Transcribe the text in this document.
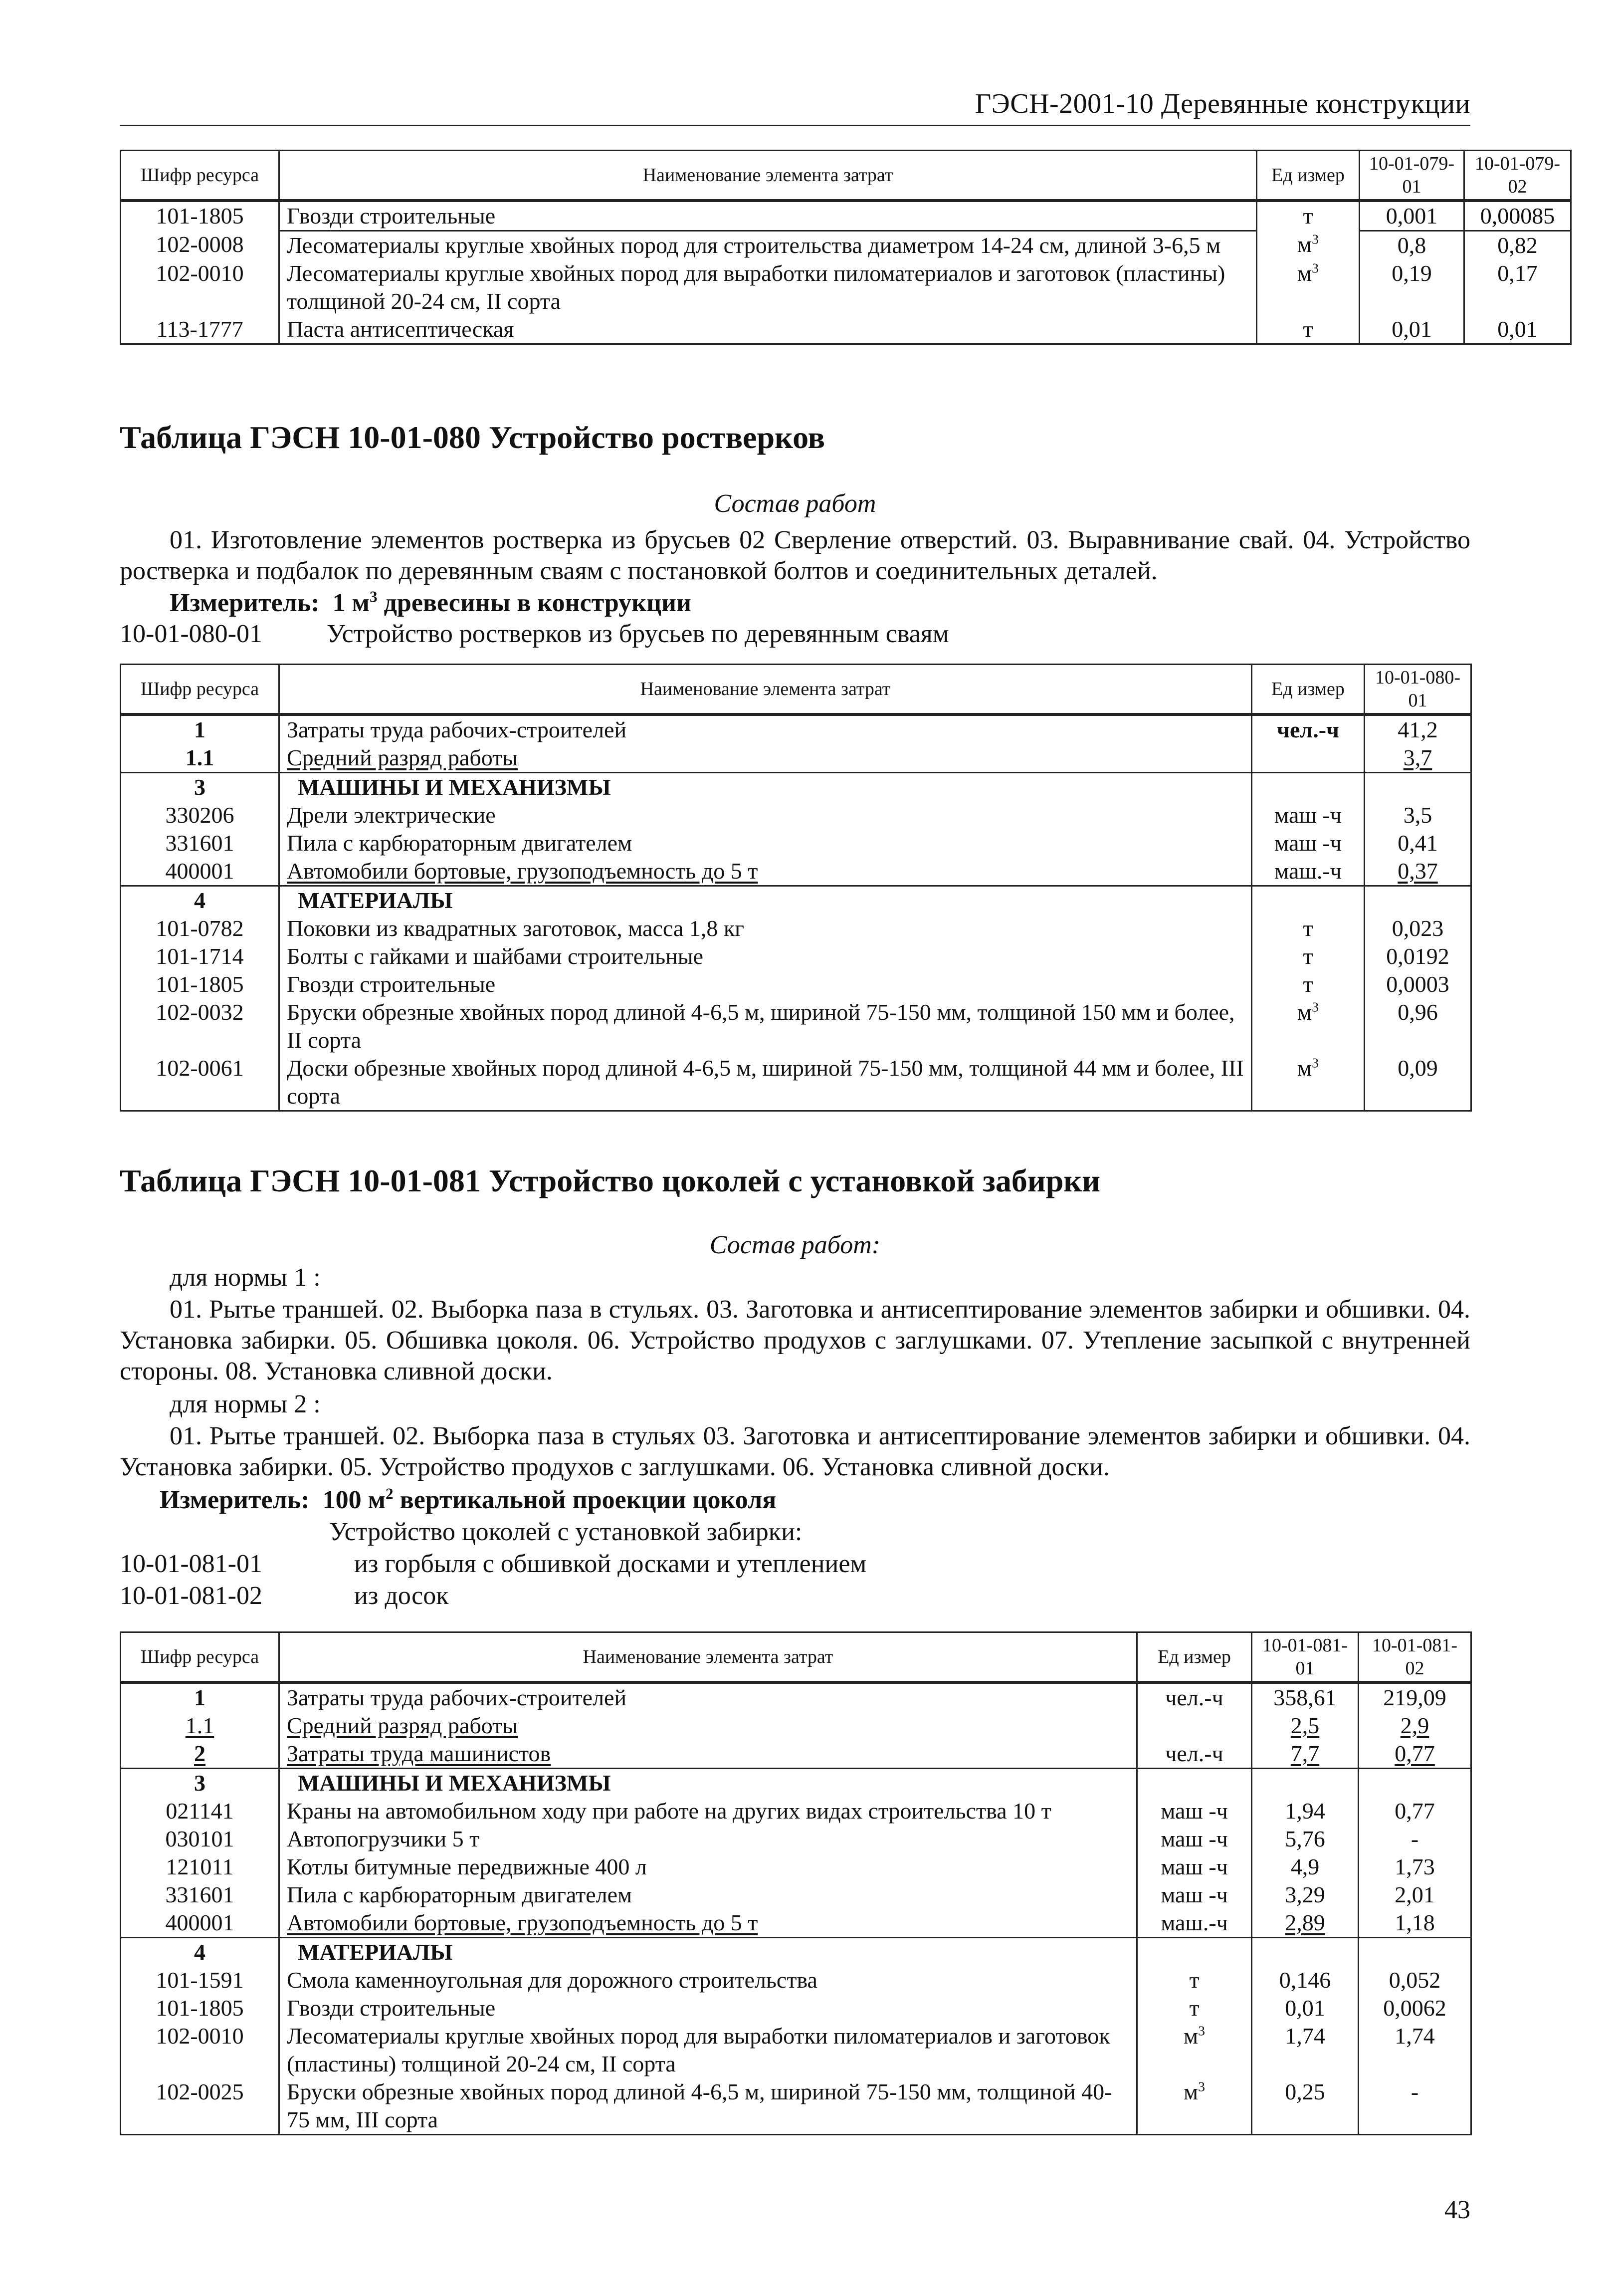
ГЭСН-2001-10 Деревянные конструкции
Шифр ресурса	Наименование элемента затрат	Ед измер	10-01-079-01	10-01-079-02
101-1805	Гвозди строительные	т	0,001	0,00085
102-0008	Лесоматериалы круглые хвойных пород для строительства диаметром 14-24 см, длиной 3-6,5 м	$м^3$	0,8	0,82
102-0010	Лесоматериалы круглые хвойных пород для выработки пиломатериалов и заготовок (пластины) толщиной 20-24 см, II сорта	$м^3$	0,19	0,17
113-1777	Паста антисептическая	т	0,01	0,01
Таблица ГЭСН 10-01-080 Устройство ростверков
Состав работ
01. Изготовление элементов ростверка из брусьев 02 Сверление отверстий. 03. Выравнивание свай. 04. Устройство ростверка и подбалок по деревянным сваям с постановкой болтов и соединительных деталей.
Измеритель: 1 $м^3$ древесины в конструкции
10-01-080-01 Устройство ростверков из брусьев по деревянным сваям
Шифр ресурса	Наименование элемента затрат	Ед измер	10-01-080-01
1	Затраты труда рабочих-строителей	чел.-ч	41,2
1.1	Средний разряд работы		3,7
3	МАШИНЫ И МЕХАНИЗМЫ		
330206	Дрели электрические	маш -ч	3,5
331601	Пила с карбюраторным двигателем	маш -ч	0,41
400001	Автомобили бортовые, грузоподъемность до 5 т	маш.-ч	0,37
4	МАТЕРИАЛЫ		
101-0782	Поковки из квадратных заготовок, масса 1,8 кг	т	0,023
101-1714	Болты с гайками и шайбами строительные	т	0,0192
101-1805	Гвозди строительные	т	0,0003
102-0032	Бруски обрезные хвойных пород длиной 4-6,5 м, шириной 75-150 мм, толщиной 150 мм и более, II сорта	$м^3$	0,96
102-0061	Доски обрезные хвойных пород длиной 4-6,5 м, шириной 75-150 мм, толщиной 44 мм и более, III сорта	$м^3$	0,09
Таблица ГЭСН 10-01-081 Устройство цоколей с установкой забирки
Состав работ:
для нормы 1 :
01. Рытье траншей. 02. Выборка паза в стульях. 03. Заготовка и антисептирование элементов забирки и обшивки. 04. Установка забирки. 05. Обшивка цоколя. 06. Устройство продухов с заглушками. 07. Утепление засыпкой с внутренней стороны. 08. Установка сливной доски.
для нормы 2 :
01. Рытье траншей. 02. Выборка паза в стульях 03. Заготовка и антисептирование элементов забирки и обшивки. 04. Установка забирки. 05. Устройство продухов с заглушками. 06. Установка сливной доски.
Измеритель: 100 $м^2$ вертикальной проекции цоколя
Устройство цоколей с установкой забирки:
10-01-081-01	из горбыля с обшивкой досками и утеплением
10-01-081-02	из досок
Шифр ресурса	Наименование элемента затрат	Ед измер	10-01-081-01	10-01-081-02
1	Затраты труда рабочих-строителей	чел.-ч	358,61	219,09
1.1	Средний разряд работы		2,5	2,9
2	Затраты труда машинистов	чел.-ч	7,7	0,77
3	МАШИНЫ И МЕХАНИЗМЫ			
021141	Краны на автомобильном ходу при работе на других видах строительства 10 т	маш -ч	1,94	0,77
030101	Автопогрузчики 5 т	маш -ч	5,76	-
121011	Котлы битумные передвижные 400 л	маш -ч	4,9	1,73
331601	Пила с карбюраторным двигателем	маш -ч	3,29	2,01
400001	Автомобили бортовые, грузоподъемность до 5 т	маш.-ч	2,89	1,18
4	МАТЕРИАЛЫ			
101-1591	Смола каменноугольная для дорожного строительства	т	0,146	0,052
101-1805	Гвозди строительные	т	0,01	0,0062
102-0010	Лесоматериалы круглые хвойных пород для выработки пиломатериалов и заготовок (пластины) толщиной 20-24 см, II сорта	$м^3$	1,74	1,74
102-0025	Бруски обрезные хвойных пород длиной 4-6,5 м, шириной 75-150 мм, толщиной 40-75 мм, III сорта	$м^3$	0,25	-
43
